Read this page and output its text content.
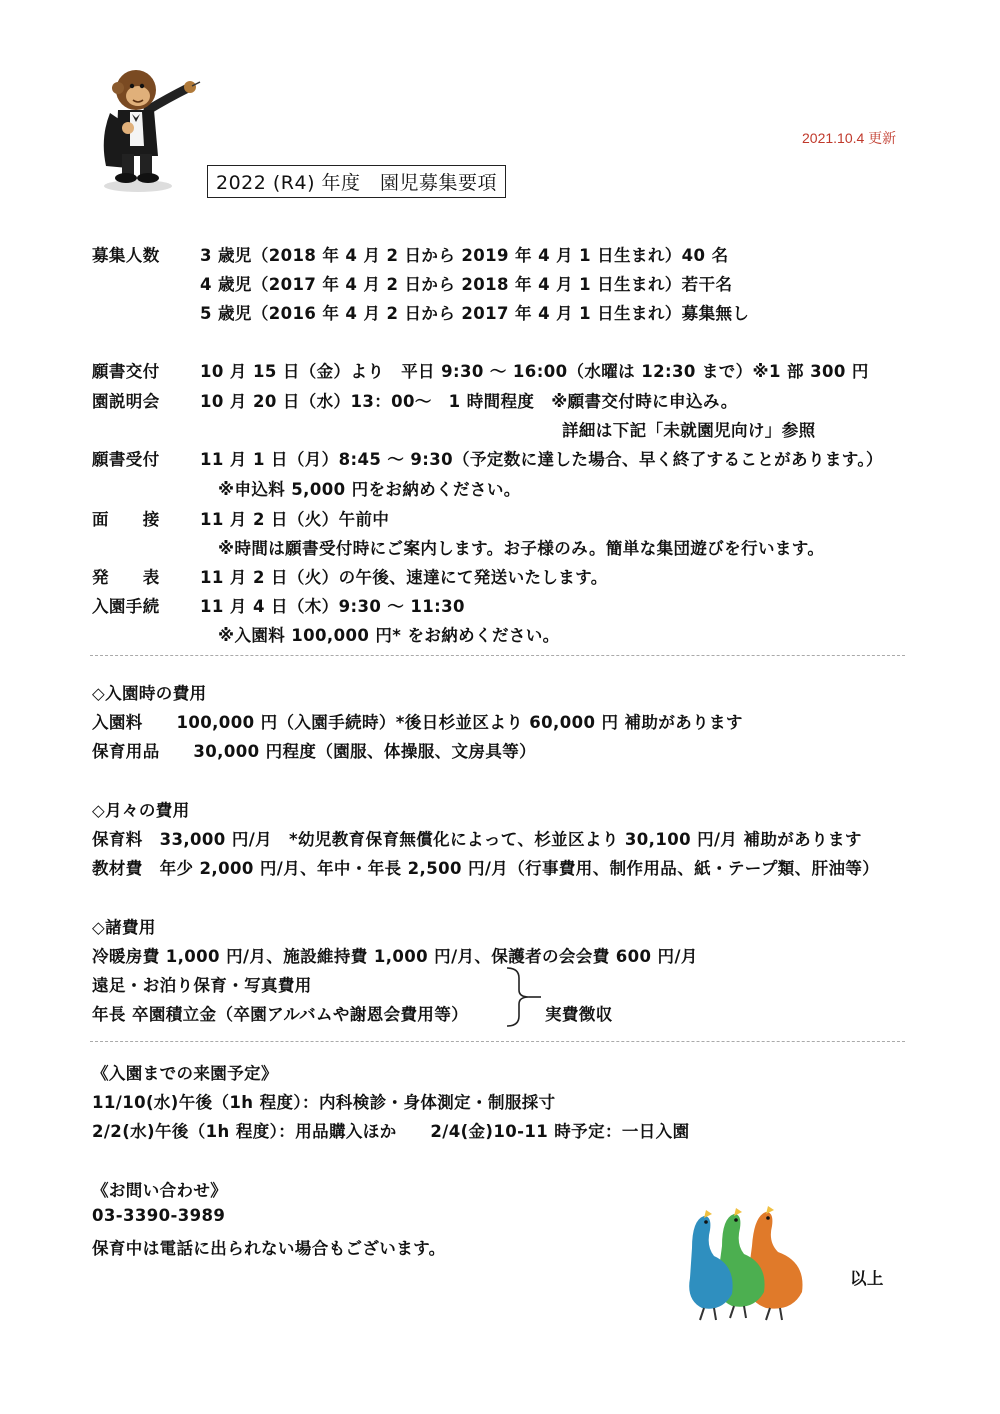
2021.10.4 更新
2022 (R4) 年度　園児募集要項
募集人数 3 歳児（2018 年 4 月 2 日から 2019 年 4 月 1 日生まれ）40 名
4 歳児（2017 年 4 月 2 日から 2018 年 4 月 1 日生まれ）若干名
5 歳児（2016 年 4 月 2 日から 2017 年 4 月 1 日生まれ）募集無し
願書交付 10 月 15 日（金）より　平日 9:30 ～ 16:00（水曜は 12:30 まで）※1 部 300 円
園説明会 10 月 20 日（水）13：00～　1 時間程度　※願書交付時に申込み。
詳細は下記「未就園児向け」参照
願書受付 11 月 1 日（月）8:45 ～ 9:30（予定数に達した場合、早く終了することがあります。）
※申込料 5,000 円をお納めください。
面　　接 11 月 2 日（火）午前中
※時間は願書受付時にご案内します。お子様のみ。簡単な集団遊びを行います。
発　　表 11 月 2 日（火）の午後、速達にて発送いたします。
入園手続 11 月 4 日（木）9:30 ～ 11:30
※入園料 100,000 円* をお納めください。
◇入園時の費用
入園料　　100,000 円（入園手続時）*後日杉並区より 60,000 円 補助があります
保育用品　　30,000 円程度（園服、体操服、文房具等）
◇月々の費用
保育料　33,000 円/月　*幼児教育保育無償化によって、杉並区より 30,100 円/月 補助があります
教材費　年少 2,000 円/月、年中・年長 2,500 円/月（行事費用、制作用品、紙・テープ類、肝油等）
◇諸費用
冷暖房費 1,000 円/月、施設維持費 1,000 円/月、保護者の会会費 600 円/月
遠足・お泊り保育・写真費用
年長 卒園積立金（卒園アルバムや謝恩会費用等）	実費徴収
《入園までの来園予定》
11/10(水)午後（1h 程度）：内科検診・身体測定・制服採寸
2/2(水)午後（1h 程度）：用品購入ほか　　2/4(金)10-11 時予定：一日入園
《お問い合わせ》
03-3390-3989
保育中は電話に出られない場合もございます。
以上
